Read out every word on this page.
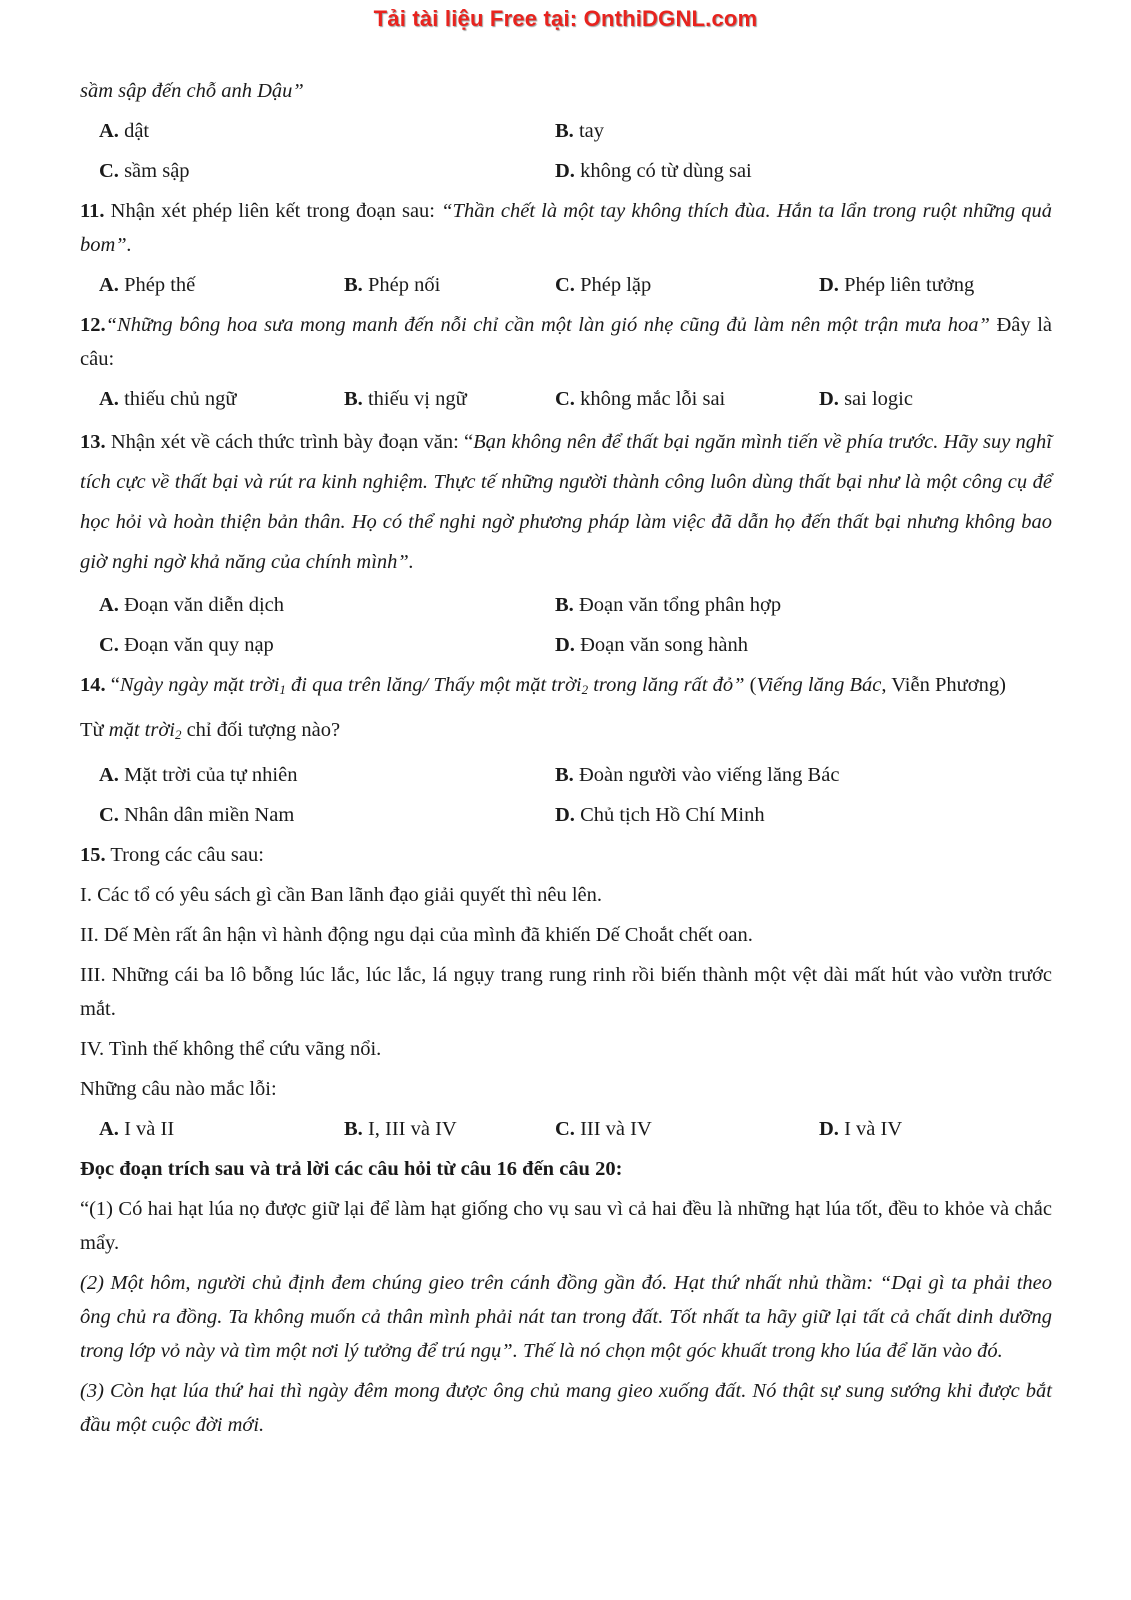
Tải tài liệu Free tại: OnthiDGNL.com

sầm sập đến chỗ anh Dậu”

A. dật	B. tay
C. sầm sập	D. không có từ dùng sai

11. Nhận xét phép liên kết trong đoạn sau: “Thần chết là một tay không thích đùa. Hắn ta lẩn trong ruột những quả bom”.

A. Phép thế	B. Phép nối	C. Phép lặp	D. Phép liên tưởng

12.“Những bông hoa sưa mong manh đến nỗi chỉ cần một làn gió nhẹ cũng đủ làm nên một trận mưa hoa” Đây là câu:

A. thiếu chủ ngữ	B. thiếu vị ngữ	C. không mắc lỗi sai	D. sai logic

13. Nhận xét về cách thức trình bày đoạn văn: “Bạn không nên để thất bại ngăn mình tiến về phía trước. Hãy suy nghĩ tích cực về thất bại và rút ra kinh nghiệm. Thực tế những người thành công luôn dùng thất bại như là một công cụ để học hỏi và hoàn thiện bản thân. Họ có thể nghi ngờ phương pháp làm việc đã dẫn họ đến thất bại nhưng không bao giờ nghi ngờ khả năng của chính mình”.

A. Đoạn văn diễn dịch	B. Đoạn văn tổng phân hợp
C. Đoạn văn quy nạp	D. Đoạn văn song hành

14. “Ngày ngày mặt trời$_1$ đi qua trên lăng/ Thấy một mặt trời$_2$ trong lăng rất đỏ” (Viếng lăng Bác, Viễn Phương)

Từ mặt trời$_2$ chỉ đối tượng nào?

A. Mặt trời của tự nhiên	B. Đoàn người vào viếng lăng Bác
C. Nhân dân miền Nam	D. Chủ tịch Hồ Chí Minh

15. Trong các câu sau:

I. Các tổ có yêu sách gì cần Ban lãnh đạo giải quyết thì nêu lên.

II. Dế Mèn rất ân hận vì hành động ngu dại của mình đã khiến Dế Choắt chết oan.

III. Những cái ba lô bỗng lúc lắc, lúc lắc, lá ngụy trang rung rinh rồi biến thành một vệt dài mất hút vào vườn trước mắt.

IV. Tình thế không thể cứu vãng nổi.

Những câu nào mắc lỗi:

A. I và II	B. I, III và IV	C. III và IV	D. I và IV

Đọc đoạn trích sau và trả lời các câu hỏi từ câu 16 đến câu 20:

“(1) Có hai hạt lúa nọ được giữ lại để làm hạt giống cho vụ sau vì cả hai đều là những hạt lúa tốt, đều to khỏe và chắc mẩy.

(2) Một hôm, người chủ định đem chúng gieo trên cánh đồng gần đó. Hạt thứ nhất nhủ thầm: “Dại gì ta phải theo ông chủ ra đồng. Ta không muốn cả thân mình phải nát tan trong đất. Tốt nhất ta hãy giữ lại tất cả chất dinh dưỡng trong lớp vỏ này và tìm một nơi lý tưởng để trú ngụ”. Thế là nó chọn một góc khuất trong kho lúa để lăn vào đó.

(3) Còn hạt lúa thứ hai thì ngày đêm mong được ông chủ mang gieo xuống đất. Nó thật sự sung sướng khi được bắt đầu một cuộc đời mới.
